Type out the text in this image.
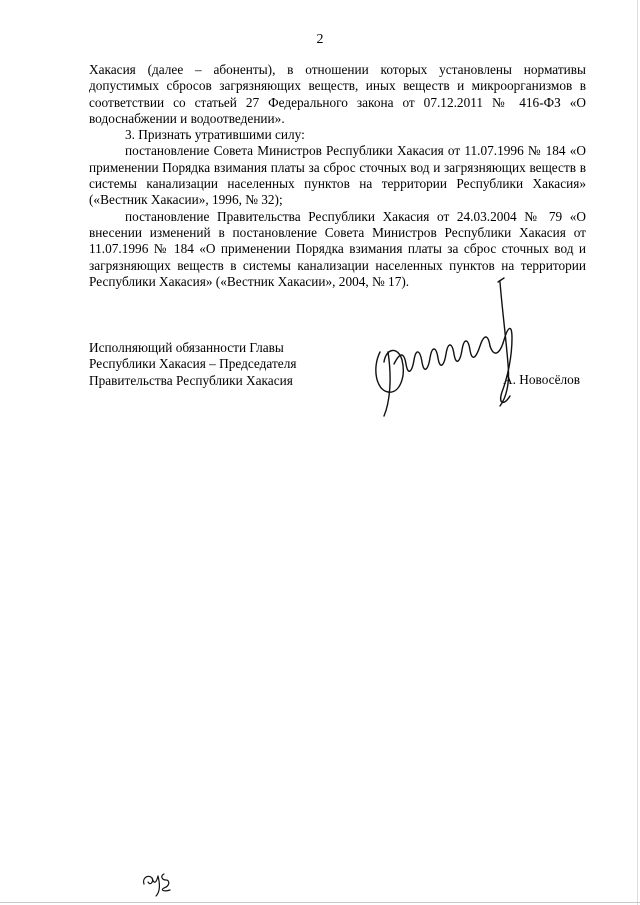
2

Хакасия (далее – абоненты), в отношении которых установлены нормативы допустимых сбросов загрязняющих веществ, иных веществ и микроорганизмов в соответствии со статьей 27 Федерального закона от 07.12.2011 № 416-ФЗ «О водоснабжении и водоотведении».

3. Признать утратившими силу:

постановление Совета Министров Республики Хакасия от 11.07.1996 № 184 «О применении Порядка взимания платы за сброс сточных вод и загрязняющих веществ в системы канализации населенных пунктов на территории Республики Хакасия» («Вестник Хакасии», 1996, № 32);

постановление Правительства Республики Хакасия от 24.03.2004 № 79 «О внесении изменений в постановление Совета Министров Республики Хакасия от 11.07.1996 № 184 «О применении Порядка взимания платы за сброс сточных вод и загрязняющих веществ в системы канализации населенных пунктов на территории Республики Хакасия» («Вестник Хакасии», 2004, № 17).

Исполняющий обязанности Главы
Республики Хакасия – Председателя
Правительства Республики Хакасия	А. Новосёлов
